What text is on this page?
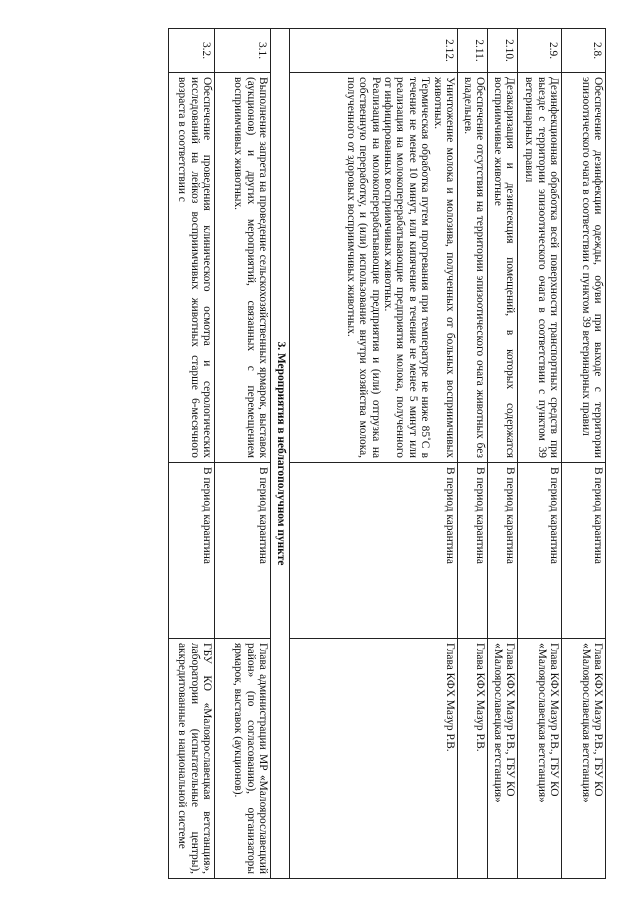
2.8.	Обеспечение дезинфекции одежды, обуви при выходе с территории эпизоотического очага в соответствии с пунктом 39 ветеринарных правил	В период карантина	Глава КФХ Мазур Р.В., ГБУ КО «Малоярославецкая ветстанция»
2.9.	Дезинфекционная обработка всей поверхности транспортных средств при выезде с территории эпизоотического очага в соответствии с пунктом 39 ветеринарных правил	В период карантина	Глава КФХ Мазур Р.В., ГБУ КО «Малоярославецкая ветстанция»
2.10.	Дезакаризация и дезинсекция помещений, в которых содержатся восприимчивые животные	В период карантина	Глава КФХ Мазур Р.В., ГБУ КО «Малоярославецкая ветстанция»
2.11.	Обеспечение отсутствия на территории эпизоотического очага животных без владельцев.	В период карантина	Глава КФХ Мазур Р.В.
2.12.	Уничтожение молока и молозива, полученных от больных восприимчивых животных.
Термическая обработка путем прогревания при температуре не ниже 85˚С в течение не менее 10 минут, или кипячение в течение не менее 5 минут или реализация на молокоперерабатывающие предприятия молока, полученного от инфицированных восприимчивых животных.
Реализация на молокоперерабатывающие предприятия и (или) отгрузка на собственную переработку, и (или) использование внутри хозяйства молока, полученного от здоровых восприимчивых животных.	В период карантина	Глава КФХ Мазур Р.В.
3. Мероприятия в неблагополучном пункте			
3.1.	Выполнение запрета на проведение сельскохозяйственных ярмарок, выставок (аукционов) и других мероприятий, связанных с перемещением восприимчивых животных.	В период карантина	Глава администрации МР «Малоярославецкий район» (по согласованию), организаторы ярмарок, выставок (аукционов).
3.2.	Обеспечение проведения клинического осмотра и серологических исследований на лейкоз восприимчивых животных старше 6-месячного возраста в соответствии с	В период карантина	ГБУ КО «Малоярославецкая ветстанция», лаборатории (испытательные центры), аккредитованные в национальной системе
